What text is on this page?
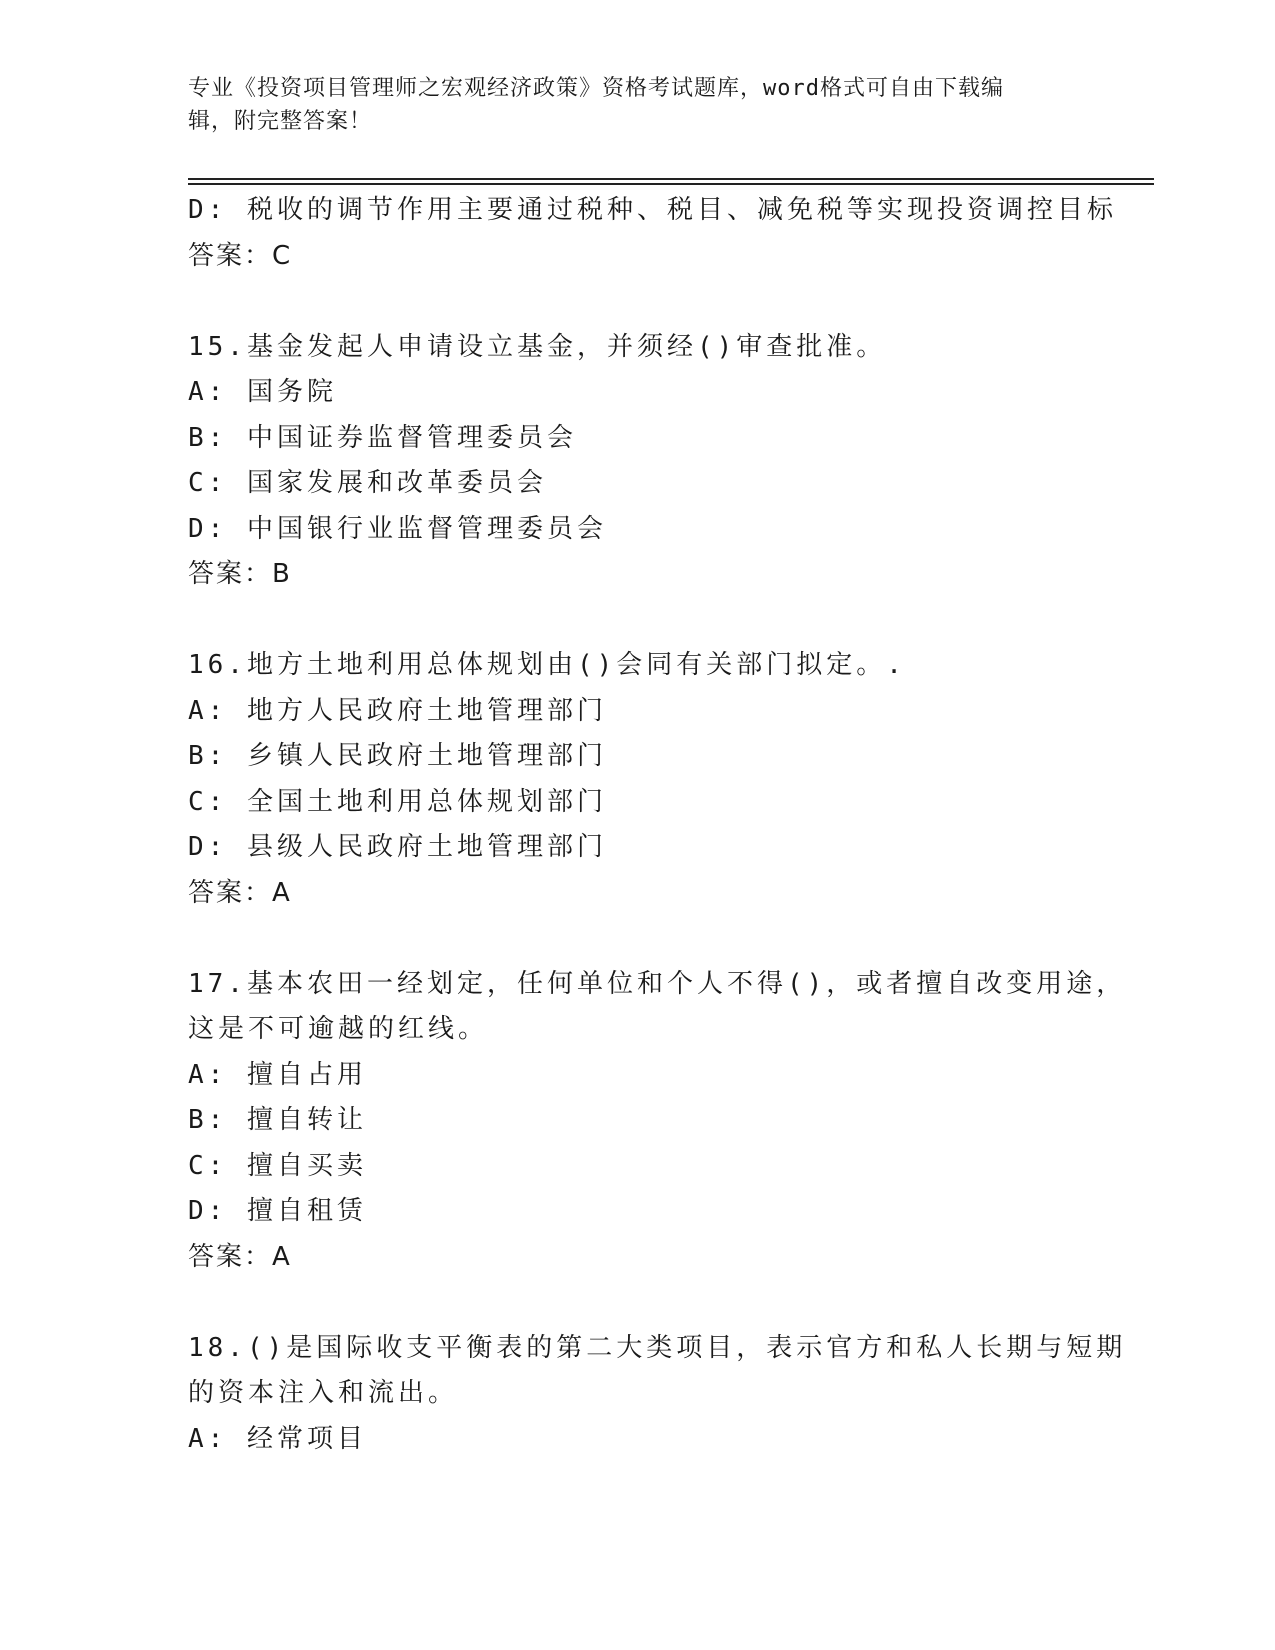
专业《投资项目管理师之宏观经济政策》资格考试题库，word格式可自由下载编
辑，附完整答案！

D: 税收的调节作用主要通过税种、税目、减免税等实现投资调控目标

答案：C

15.基金发起人申请设立基金，并须经()审查批准。

A: 国务院

B: 中国证券监督管理委员会

C: 国家发展和改革委员会

D: 中国银行业监督管理委员会

答案：B

16.地方土地利用总体规划由()会同有关部门拟定。.

A: 地方人民政府土地管理部门

B: 乡镇人民政府土地管理部门

C: 全国土地利用总体规划部门

D: 县级人民政府土地管理部门

答案：A

17.基本农田一经划定，任何单位和个人不得()，或者擅自改变用途，

这是不可逾越的红线。

A: 擅自占用

B: 擅自转让

C: 擅自买卖

D: 擅自租赁

答案：A

18.()是国际收支平衡表的第二大类项目，表示官方和私人长期与短期

的资本注入和流出。

A: 经常项目
